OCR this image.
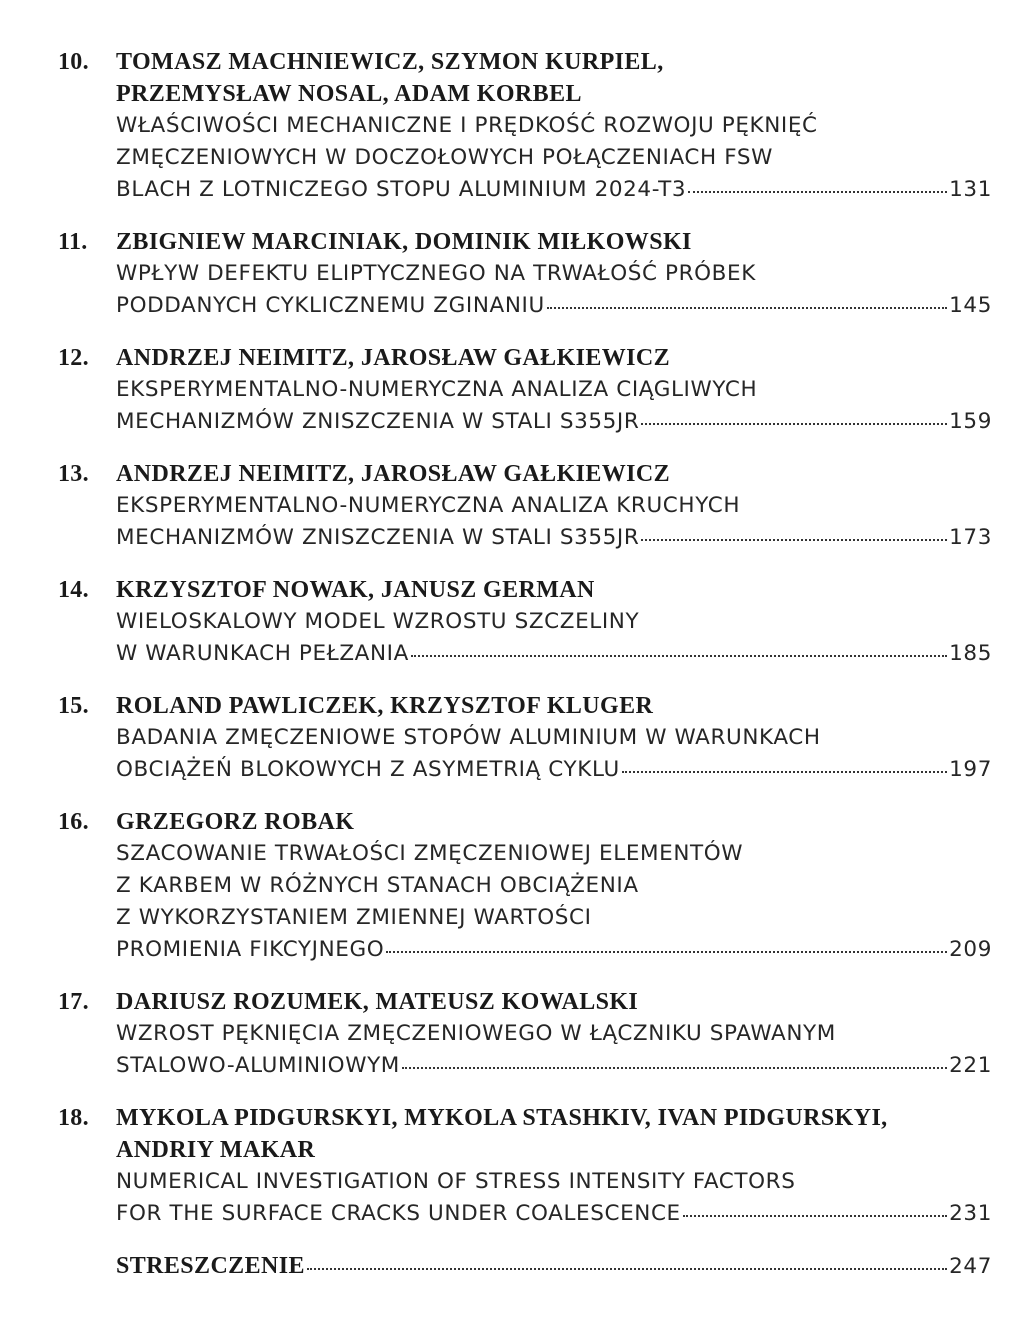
10.	TOMASZ MACHNIEWICZ, SZYMON KURPIEL,
PRZEMYSŁAW NOSAL, ADAM KORBEL
WŁAŚCIWOŚCI MECHANICZNE I PRĘDKOŚĆ ROZWOJU PĘKNIĘĆ
ZMĘCZENIOWYCH W DOCZOŁOWYCH POŁĄCZENIACH FSW
BLACH Z LOTNICZEGO STOPU ALUMINIUM 2024-T3	131
11.	ZBIGNIEW MARCINIAK, DOMINIK MIŁKOWSKI
WPŁYW DEFEKTU ELIPTYCZNEGO NA TRWAŁOŚĆ PRÓBEK
PODDANYCH CYKLICZNEMU ZGINANIU	145
12.	ANDRZEJ NEIMITZ, JAROSŁAW GAŁKIEWICZ
EKSPERYMENTALNO-NUMERYCZNA ANALIZA CIĄGLIWYCH
MECHANIZMÓW ZNISZCZENIA W STALI S355JR	159
13.	ANDRZEJ NEIMITZ, JAROSŁAW GAŁKIEWICZ
EKSPERYMENTALNO-NUMERYCZNA ANALIZA KRUCHYCH
MECHANIZMÓW ZNISZCZENIA W STALI S355JR	173
14.	KRZYSZTOF NOWAK, JANUSZ GERMAN
WIELOSKALOWY MODEL WZROSTU SZCZELINY
W WARUNKACH PEŁZANIA	185
15.	ROLAND PAWLICZEK, KRZYSZTOF KLUGER
BADANIA ZMĘCZENIOWE STOPÓW ALUMINIUM W WARUNKACH
OBCIĄŻEŃ BLOKOWYCH Z ASYMETRIĄ CYKLU	197
16.	GRZEGORZ ROBAK
SZACOWANIE TRWAŁOŚCI ZMĘCZENIOWEJ ELEMENTÓW
Z KARBEM W RÓŻNYCH STANACH OBCIĄŻENIA
Z WYKORZYSTANIEM ZMIENNEJ WARTOŚCI
PROMIENIA FIKCYJNEGO	209
17.	DARIUSZ ROZUMEK, MATEUSZ KOWALSKI
WZROST PĘKNIĘCIA ZMĘCZENIOWEGO W ŁĄCZNIKU SPAWANYM
STALOWO-ALUMINIOWYM	221
18.	MYKOLA PIDGURSKYI, MYKOLA STASHKIV, IVAN PIDGURSKYI,
ANDRIY MAKAR
NUMERICAL INVESTIGATION OF STRESS INTENSITY FACTORS
FOR THE SURFACE CRACKS UNDER COALESCENCE	231
STRESZCZENIE	247
